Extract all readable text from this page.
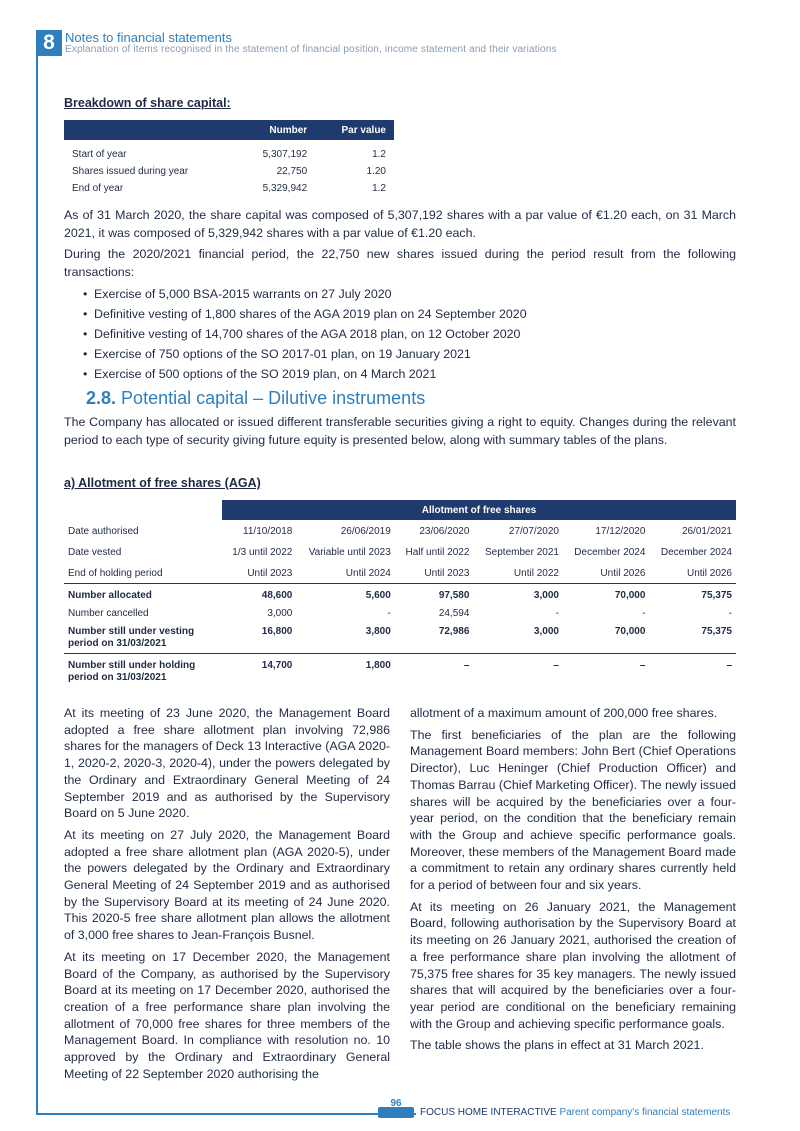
8 Notes to financial statements
Explanation of items recognised in the statement of financial position, income statement and their variations
Breakdown of share capital:
	Number	Par value
Start of year	5,307,192	1.2
Shares issued during year	22,750	1.20
End of year	5,329,942	1.2

As of 31 March 2020, the share capital was composed of 5,307,192 shares with a par value of €1.20 each, on 31 March 2021, it was composed of 5,329,942 shares with a par value of €1.20 each.

During the 2020/2021 financial period, the 22,750 new shares issued during the period result from the following transactions:

• Exercise of 5,000 BSA-2015 warrants on 27 July 2020
• Definitive vesting of 1,800 shares of the AGA 2019 plan on 24 September 2020
• Definitive vesting of 14,700 shares of the AGA 2018 plan, on 12 October 2020
• Exercise of 750 options of the SO 2017-01 plan, on 19 January 2021
• Exercise of 500 options of the SO 2019 plan, on 4 March 2021
2.8. Potential capital – Dilutive instruments

The Company has allocated or issued different transferable securities giving a right to equity. Changes during the relevant period to each type of security giving future equity is presented below, along with summary tables of the plans.

a) Allotment of free shares (AGA)
	Allotment of free shares					
Date authorised	11/10/2018	26/06/2019	23/06/2020	27/07/2020	17/12/2020	26/01/2021
Date vested	1/3 until 2022	Variable until 2023	Half until 2022	September 2021	December 2024	December 2024
End of holding period	Until 2023	Until 2024	Until 2023	Until 2022	Until 2026	Until 2026
Number allocated	48,600	5,600	97,580	3,000	70,000	75,375
Number cancelled	3,000	-	24,594	-	-	-
Number still under vesting period on 31/03/2021	16,800	3,800	72,986	3,000	70,000	75,375
Number still under holding period on 31/03/2021	14,700	1,800	–	–	–	–

At its meeting of 23 June 2020, the Management Board adopted a free share allotment plan involving 72,986 shares for the managers of Deck 13 Interactive (AGA 2020-1, 2020-2, 2020-3, 2020-4), under the powers delegated by the Ordinary and Extraordinary General Meeting of 24 September 2019 and as authorised by the Supervisory Board on 5 June 2020.

At its meeting on 27 July 2020, the Management Board adopted a free share allotment plan (AGA 2020-5), under the powers delegated by the Ordinary and Extraordinary General Meeting of 24 September 2019 and as authorised by the Supervisory Board at its meeting of 24 June 2020. This 2020-5 free share allotment plan allows the allotment of 3,000 free shares to Jean-François Busnel.

At its meeting on 17 December 2020, the Management Board of the Company, as authorised by the Supervisory Board at its meeting on 17 December 2020, authorised the creation of a free performance share plan involving the allotment of 70,000 free shares for three members of the Management Board. In compliance with resolution no. 10 approved by the Ordinary and Extraordinary General Meeting of 22 September 2020 authorising the

allotment of a maximum amount of 200,000 free shares.

The first beneficiaries of the plan are the following Management Board members: John Bert (Chief Operations Director), Luc Heninger (Chief Production Officer) and Thomas Barrau (Chief Marketing Officer). The newly issued shares will be acquired by the beneficiaries over a four-year period, on the condition that the beneficiary remain with the Group and achieve specific performance goals. Moreover, these members of the Management Board made a commitment to retain any ordinary shares currently held for a period of between four and six years.

At its meeting on 26 January 2021, the Management Board, following authorisation by the Supervisory Board at its meeting on 26 January 2021, authorised the creation of a free performance share plan involving the allotment of 75,375 free shares for 35 key managers. The newly issued shares that will acquired by the beneficiaries over a four-year period are conditional on the beneficiary remaining with the Group and achieving specific performance goals.

The table shows the plans in effect at 31 March 2021.

96
FOCUS HOME INTERACTIVE Parent company's financial statements
